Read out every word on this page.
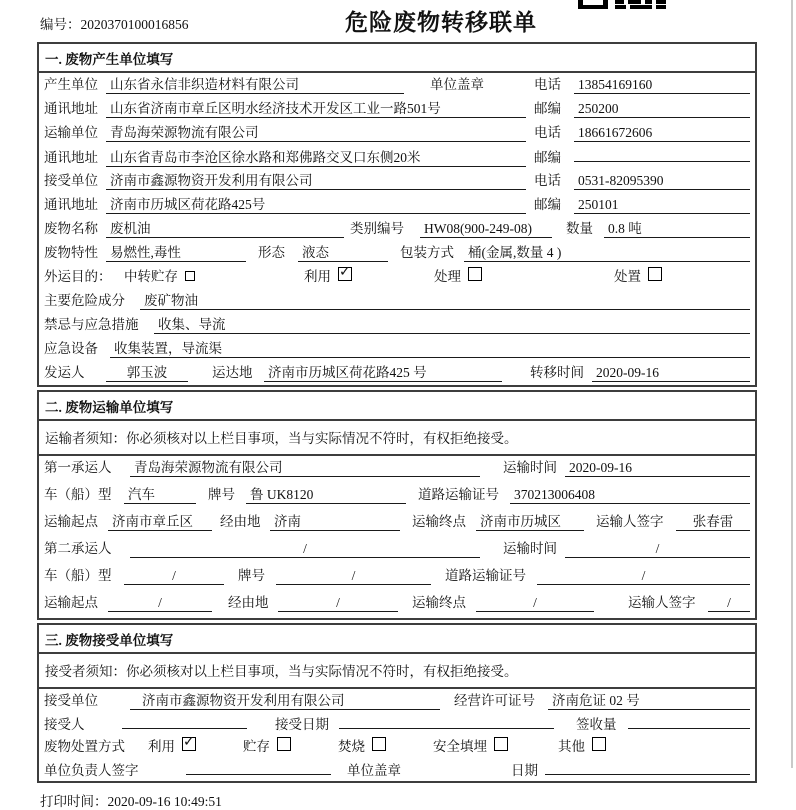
编号：2020370100016856	危险废物转移联单
一. 废物产生单位填写
产生单位 山东省永信非织造材料有限公司	单位盖章	电话	13854169160
通讯地址 山东省济南市章丘区明水经济技术开发区工业一路501号	邮编	250200
运输单位 青岛海荣源物流有限公司	电话	18661672606
通讯地址 山东省青岛市李沧区徐水路和郑佛路交叉口东侧20米	邮编
接受单位 济南市鑫源物资开发利用有限公司	电话	0531-82095390
通讯地址 济南市历城区荷花路425号	邮编	250101
废物名称 废机油	类别编号	HW08(900-249-08)	数量	0.8 吨
废物特性 易燃性,毒性	形态	液态	包装方式	桶(金属,数量 4 )
外运目的： 中转贮存	利用 ✓	处理	处置
主要危险成分	废矿物油
禁忌与应急措施	收集、导流
应急设备	收集装置，导流渠
发运人	郭玉波	运达地	济南市历城区荷花路425 号	转移时间 2020-09-16
二. 废物运输单位填写
运输者须知：你必须核对以上栏目事项，当与实际情况不符时，有权拒绝接受。
第一承运人	青岛海荣源物流有限公司	运输时间 2020-09-16
车（船）型	汽车	牌号	鲁 UK8120	道路运输证号	370213006408
运输起点	济南市章丘区	经由地	济南	运输终点	济南市历城区	运输人签字	张春雷
第二承运人	/	运输时间	/
车（船）型	/	牌号	/	道路运输证号	/
运输起点	/	经由地	/	运输终点	/	运输人签字	/
三. 废物接受单位填写
接受者须知：你必须核对以上栏目事项，当与实际情况不符时，有权拒绝接受。
接受单位	济南市鑫源物资开发利用有限公司	经营许可证号	济南危证 02 号
接受人	接受日期	签收量
废物处置方式	利用 ✓	贮存	焚烧	安全填埋	其他
单位负责人签字	单位盖章	日期
打印时间：2020-09-16 10:49:51
